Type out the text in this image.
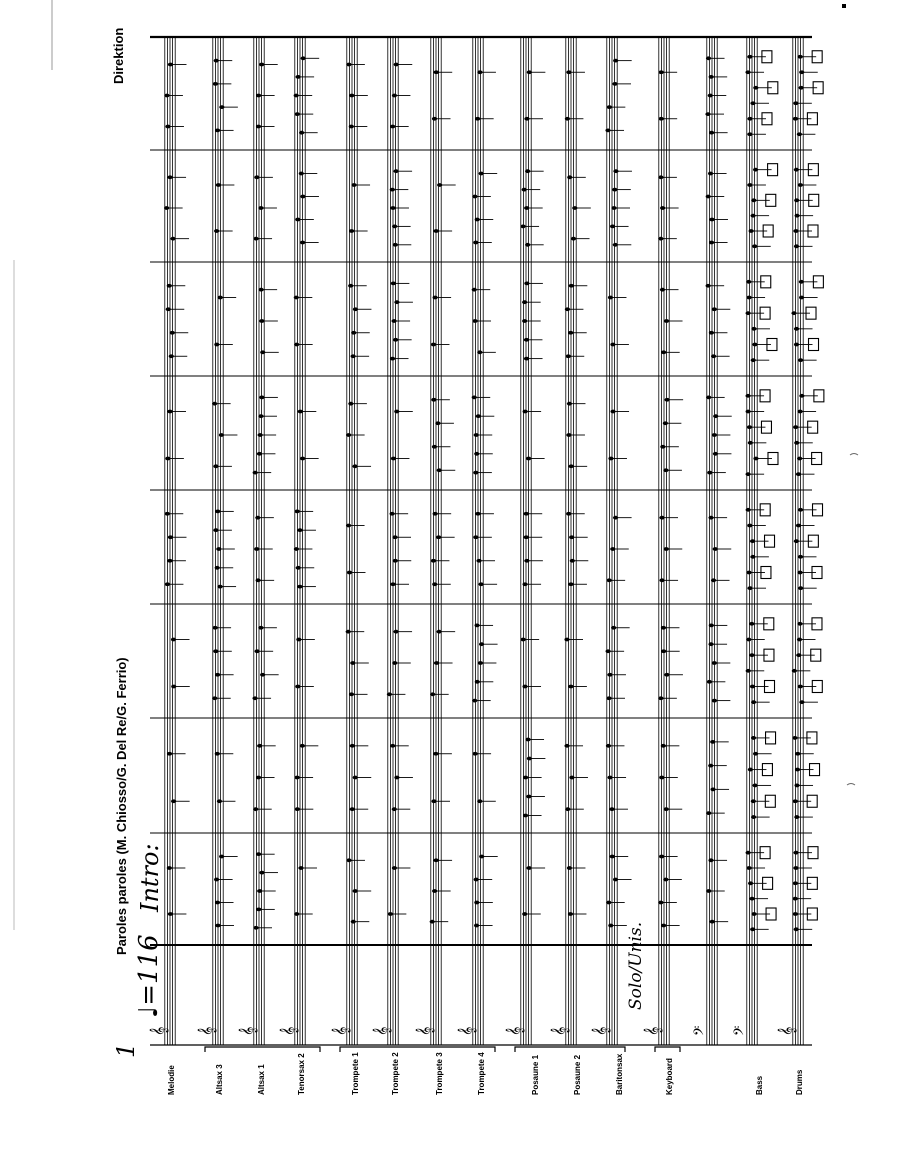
𝄞 𝄞 𝄞 𝄞 𝄞 𝄞 𝄞 𝄞 𝄞 𝄞 𝄞 𝄞 𝄢 𝄢 𝄞
Direktion
Paroles paroles (M. Chiosso/G. Del Re/G. Ferrio)
1
♩=116
Intro:
Solo/Unis.
Melodie	Altsax 3	Altsax 1	Tenorsax 2	Trompete 1	Trompete 2	Trompete 3	Trompete 4	Posaune 1	Posaune 2	Baritonsax	Keyboard	Bass	Drums
